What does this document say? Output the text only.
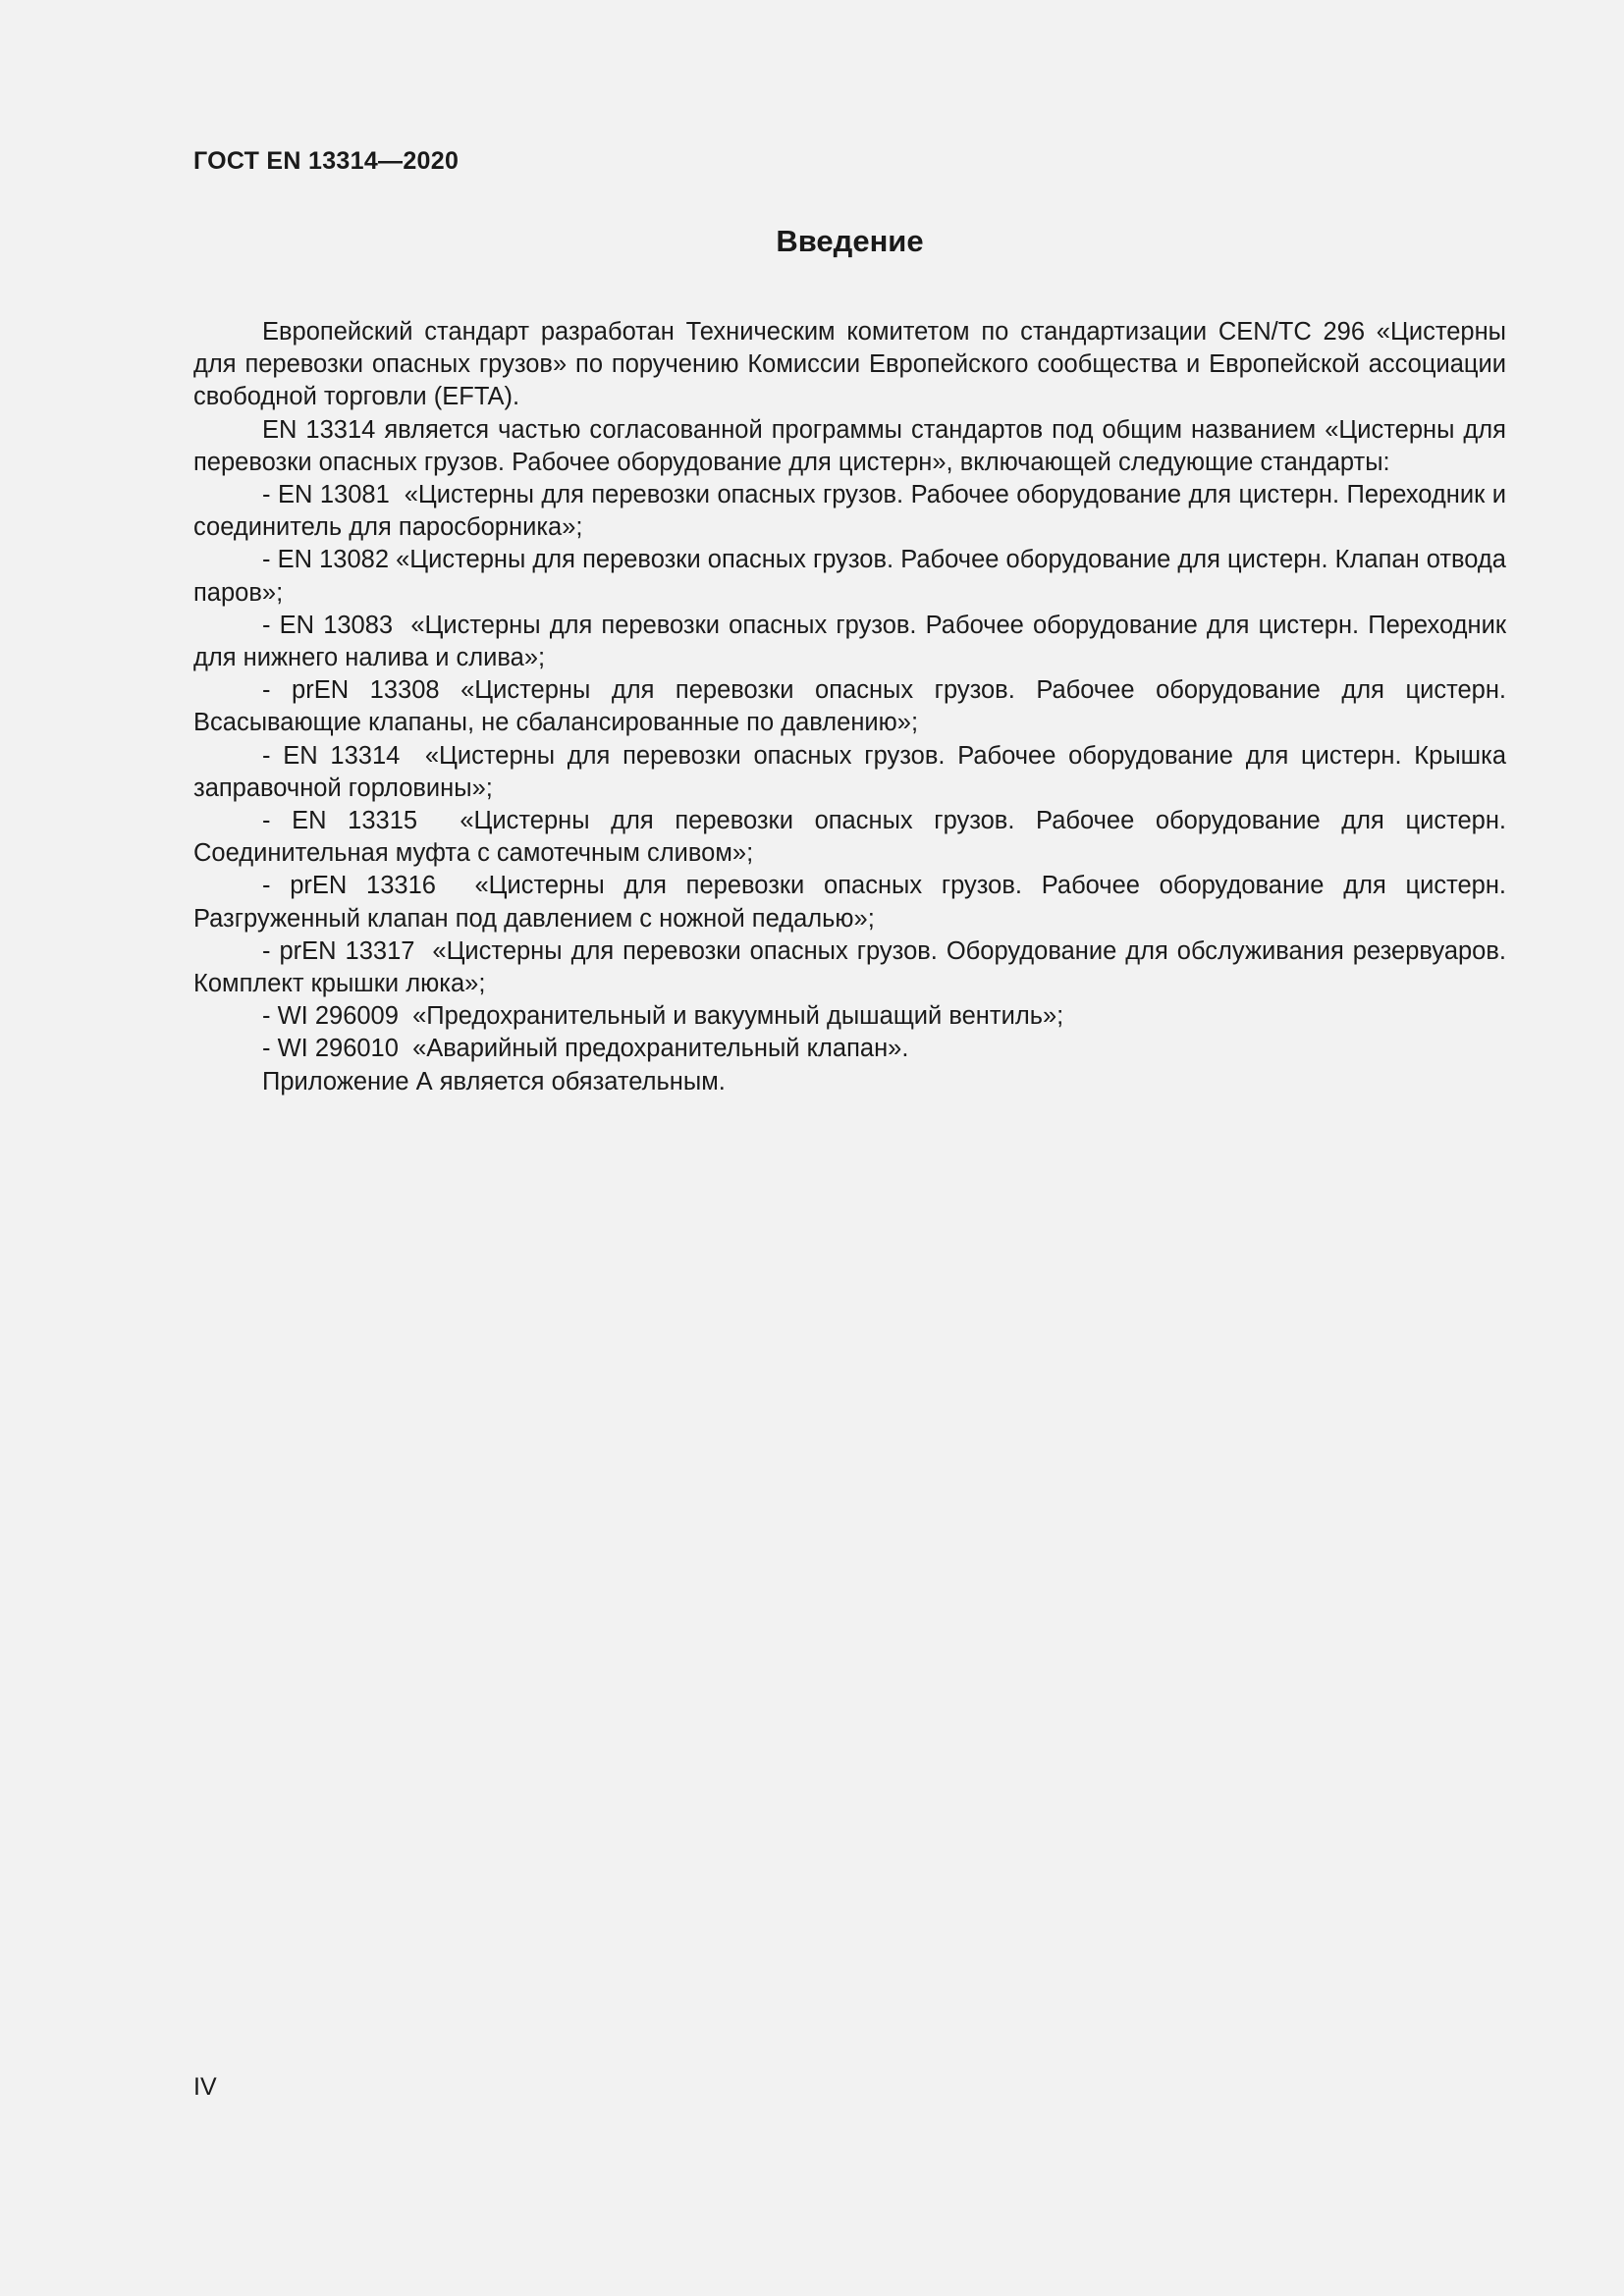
ГОСТ EN 13314—2020

Введение

Европейский стандарт разработан Техническим комитетом по стандартизации CEN/TC 296 «Цистерны для перевозки опасных грузов» по поручению Комиссии Европейского сообщества и Европейской ассоциации свободной торговли (EFTA).

EN 13314 является частью согласованной программы стандартов под общим названием «Цистерны для перевозки опасных грузов. Рабочее оборудование для цистерн», включающей следующие стандарты:

- EN 13081 «Цистерны для перевозки опасных грузов. Рабочее оборудование для цистерн. Переходник и соединитель для паросборника»;
- EN 13082 «Цистерны для перевозки опасных грузов. Рабочее оборудование для цистерн. Клапан отвода паров»;
- EN 13083 «Цистерны для перевозки опасных грузов. Рабочее оборудование для цистерн. Переходник для нижнего налива и слива»;
- prEN 13308 «Цистерны для перевозки опасных грузов. Рабочее оборудование для цистерн. Всасывающие клапаны, не сбалансированные по давлению»;
- EN 13314 «Цистерны для перевозки опасных грузов. Рабочее оборудование для цистерн. Крышка заправочной горловины»;
- EN 13315 «Цистерны для перевозки опасных грузов. Рабочее оборудование для цистерн. Соединительная муфта с самотечным сливом»;
- prEN 13316 «Цистерны для перевозки опасных грузов. Рабочее оборудование для цистерн. Разгруженный клапан под давлением с ножной педалью»;
- prEN 13317 «Цистерны для перевозки опасных грузов. Оборудование для обслуживания резервуаров. Комплект крышки люка»;
- WI 296009 «Предохранительный и вакуумный дышащий вентиль»;
- WI 296010 «Аварийный предохранительный клапан».

Приложение А является обязательным.

IV
